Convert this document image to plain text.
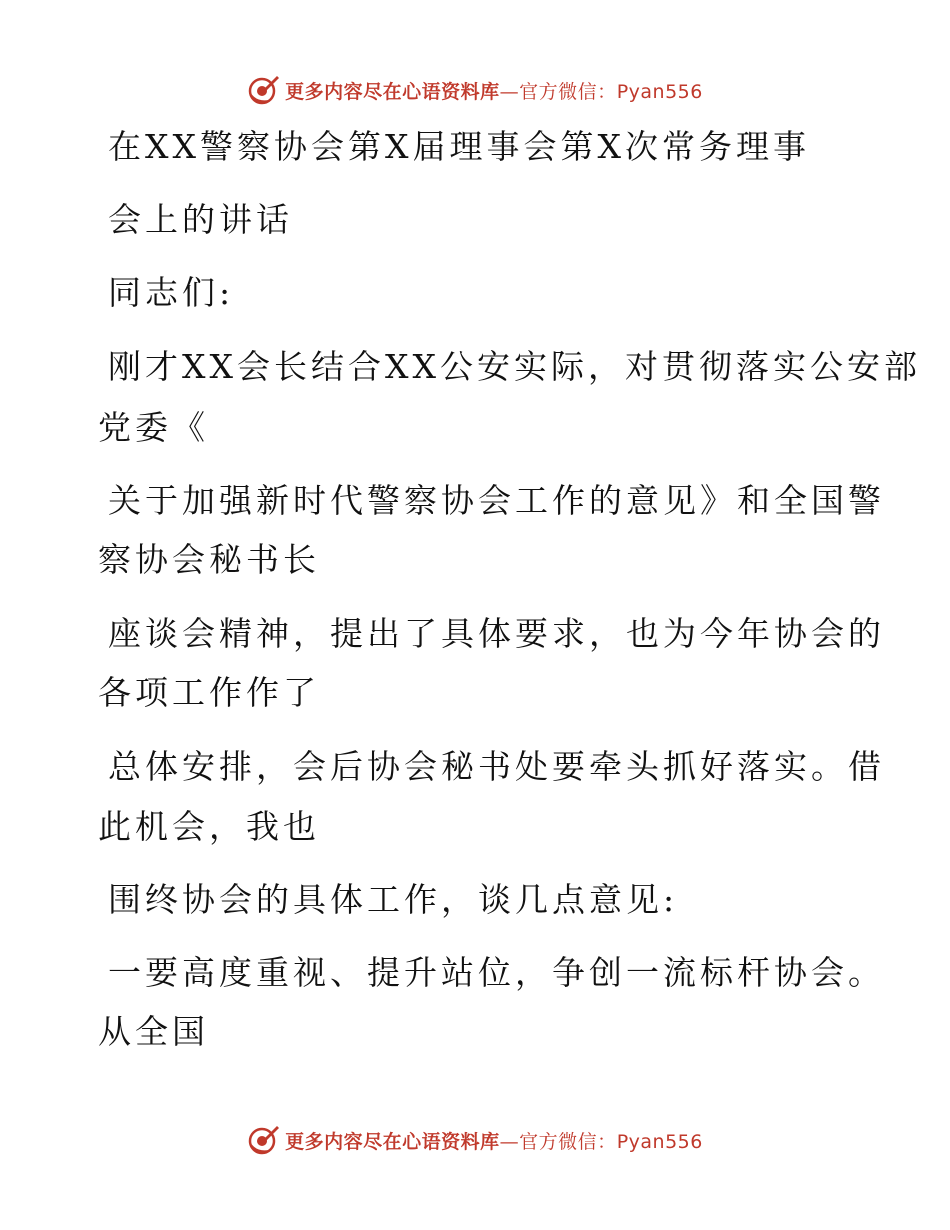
更多内容尽在心语资料库—官方微信：Pyan556
在XX警察协会第X届理事会第X次常务理事
会上的讲话
同志们:
刚才XX会长结合XX公安实际，对贯彻落实公安部
党委《
关于加强新时代警察协会工作的意见》和全国警
察协会秘书长
座谈会精神，提出了具体要求，也为今年协会的
各项工作作了
总体安排，会后协会秘书处要牵头抓好落实。借
此机会，我也
围终协会的具体工作，谈几点意见:
一要高度重视、提升站位，争创一流标杆协会。
从全国
更多内容尽在心语资料库—官方微信：Pyan556
